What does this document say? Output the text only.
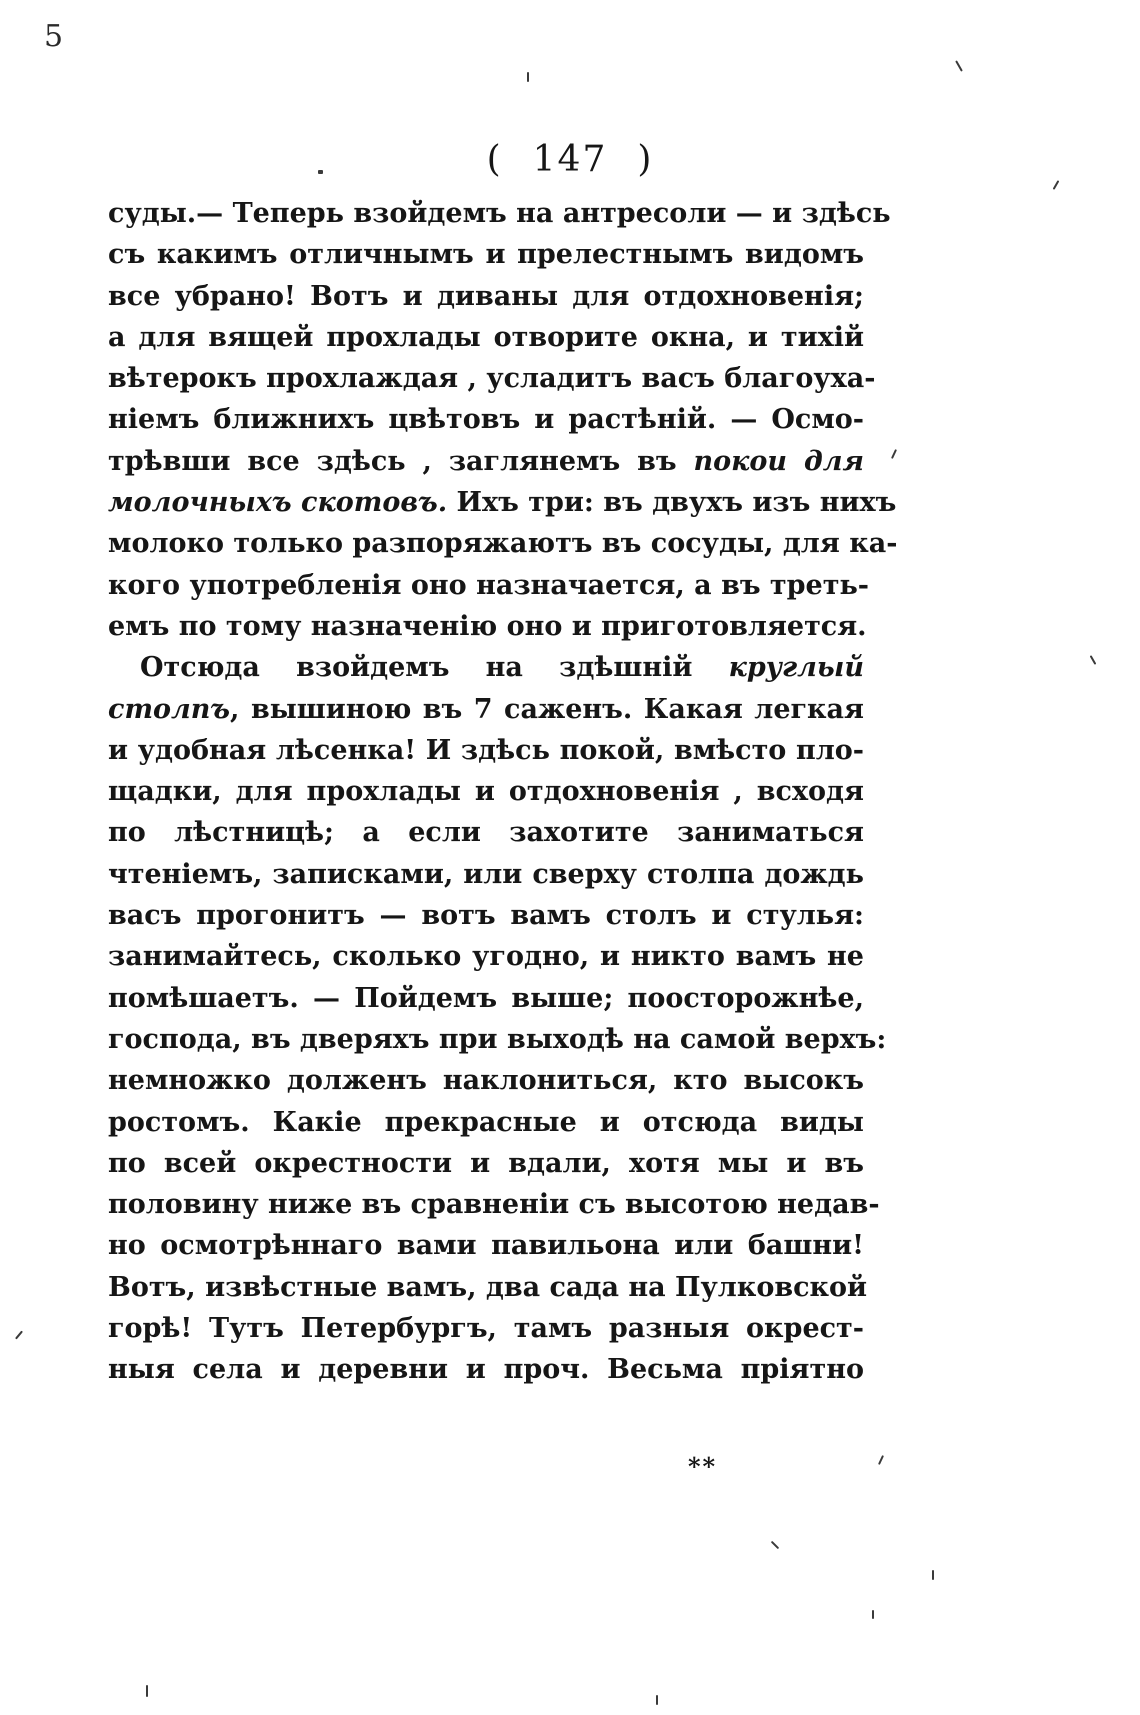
5
( 147 )
суды.— Теперь взойдемъ на антресоли — и здѣсь
съ какимъ отличнымъ и прелестнымъ видомъ
все убрано! Вотъ и диваны для отдохновенія;
а для вящей прохлады отворите окна, и тихій
вѣтерокъ прохлаждая , усладитъ васъ благоуха-
ніемъ ближнихъ цвѣтовъ и растѣній. — Осмо-
трѣвши все здѣсь , заглянемъ въ покои для
молочныхъ скотовъ. Ихъ три: въ двухъ изъ нихъ
молоко только разпоряжаютъ въ сосуды, для ка-
кого употребленія оно назначается, а въ треть-
емъ по тому назначенію оно и приготовляется.
Отсюда взойдемъ на здѣшній круглый
столпъ, вышиною въ 7 саженъ. Какая легкая
и удобная лѣсенка! И здѣсь покой, вмѣсто пло-
щадки, для прохлады и отдохновенія , всходя
по лѣстницѣ; а если захотите заниматься
чтеніемъ, записками, или сверху столпа дождь
васъ прогонитъ — вотъ вамъ столъ и стулья:
занимайтесь, сколько угодно, и никто вамъ не
помѣшаетъ. — Пойдемъ выше; поосторожнѣе,
господа, въ дверяхъ при выходѣ на самой верхъ:
немножко долженъ наклониться, кто высокъ
ростомъ. Какіе прекрасные и отсюда виды
по всей окрестности и вдали, хотя мы и въ
половину ниже въ сравненіи съ высотою недав-
но осмотрѣннаго вами павильона или башни!
Вотъ, извѣстные вамъ, два сада на Пулковской
горѣ! Тутъ Петербургъ, тамъ разныя окрест-
ныя села и деревни и проч. Весьма пріятно
**
